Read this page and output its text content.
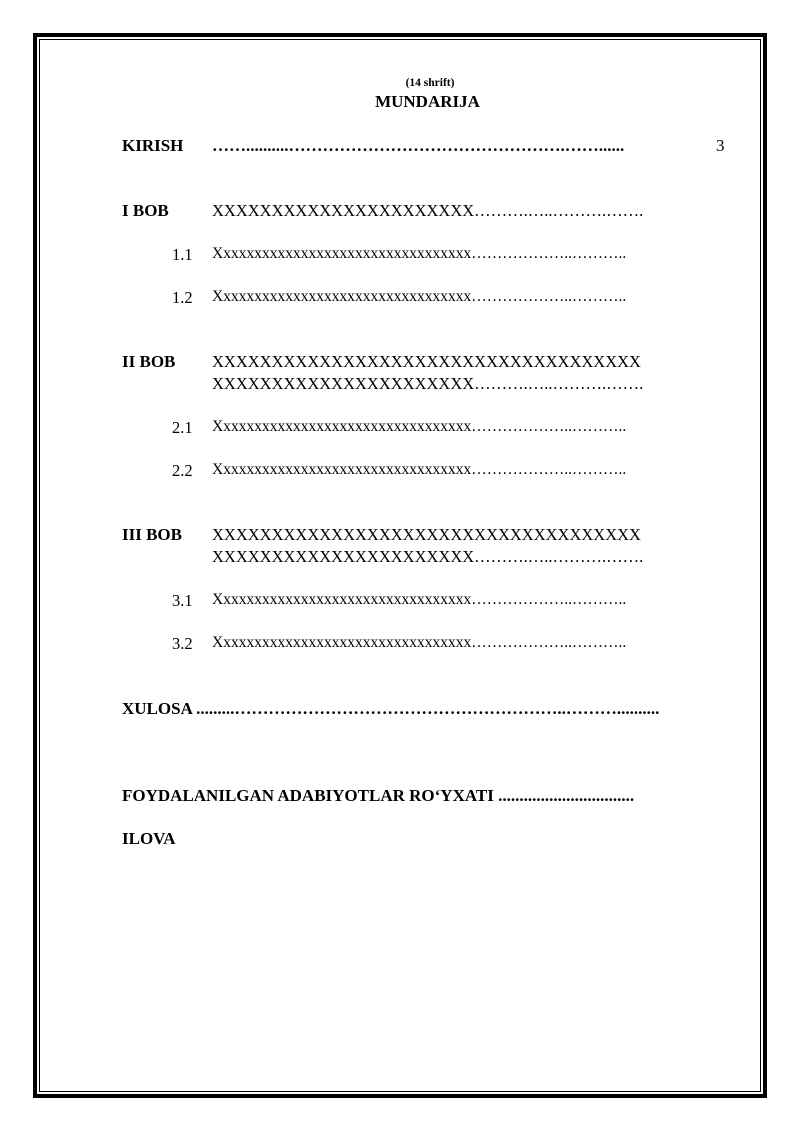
(14 shrift)
MUNDARIJA
KIRISH ……..........………………………………………….……......	3
I BOB	XXXXXXXXXXXXXXXXXXXXXX……….…..……….…….
1.1 Xxxxxxxxxxxxxxxxxxxxxxxxxxxxxxxxx………………..………..
1.2 Xxxxxxxxxxxxxxxxxxxxxxxxxxxxxxxxx………………..………..
II BOB XXXXXXXXXXXXXXXXXXXXXXXXXXXXXXXXXXXX
XXXXXXXXXXXXXXXXXXXXXX……….…..……….…….
2.1 Xxxxxxxxxxxxxxxxxxxxxxxxxxxxxxxxx………………..………..
2.2 Xxxxxxxxxxxxxxxxxxxxxxxxxxxxxxxxx………………..………..
III BOB XXXXXXXXXXXXXXXXXXXXXXXXXXXXXXXXXXXX
XXXXXXXXXXXXXXXXXXXXXX……….…..……….…….
3.1 Xxxxxxxxxxxxxxxxxxxxxxxxxxxxxxxxx………………..………..
3.2 Xxxxxxxxxxxxxxxxxxxxxxxxxxxxxxxxx………………..………..
XULOSA .........…………………………………………………..………..........
FOYDALANILGAN ADABIYOTLAR RO‘YXATI ................................
ILOVA
